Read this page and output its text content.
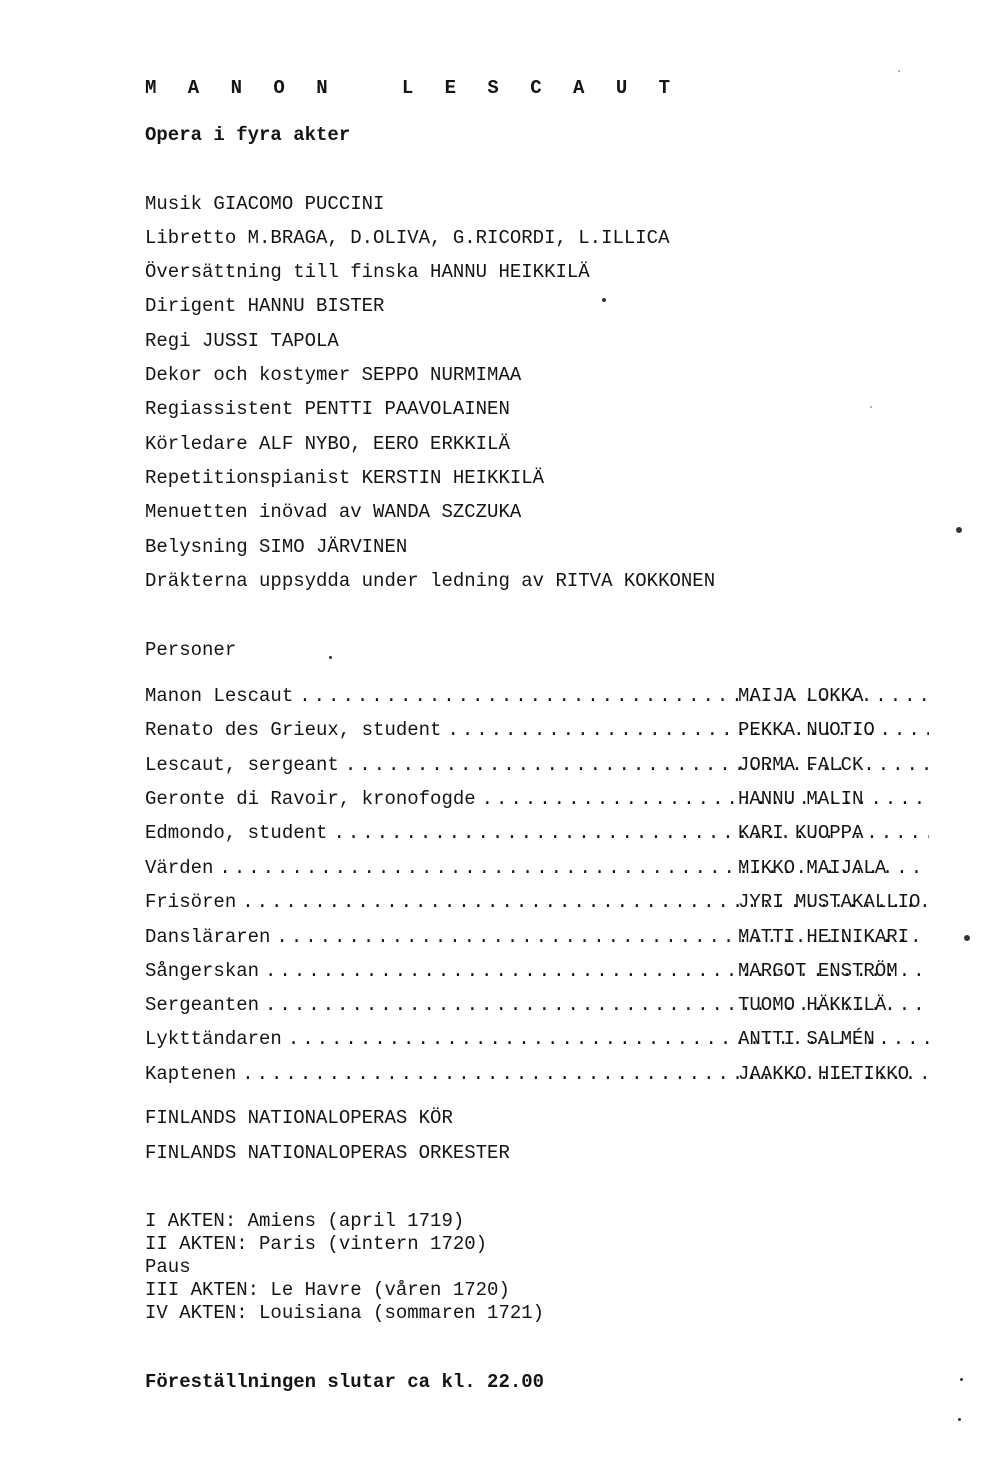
M A N O N   L E S C A U T
Opera i fyra akter
Musik GIACOMO PUCCINI
Libretto M.BRAGA, D.OLIVA, G.RICORDI, L.ILLICA
Översättning till finska HANNU HEIKKILÄ
Dirigent HANNU BISTER
Regi JUSSI TAPOLA
Dekor och kostymer SEPPO NURMIMAA
Regiassistent PENTTI PAAVOLAINEN
Körledare ALF NYBO, EERO ERKKILÄ
Repetitionspianist KERSTIN HEIKKILÄ
Menuetten inövad av WANDA SZCZUKA
Belysning SIMO JÄRVINEN
Dräkterna uppsydda under ledning av RITVA KOKKONEN
Personer
Manon Lescaut .....	MAIJA LOKKA
Renato des Grieux, student .....	PEKKA NUOTIO
Lescaut, sergeant .....	JORMA FALCK
Geronte di Ravoir, kronofogde .....	HANNU MALIN
Edmondo, student .....	KARI KUOPPA
Värden .....	MIKKO MAIJALA
Frisören .....	JYRI MUSTAKALLIO
Dansläraren .....	MATTI HEINIKARI
Sångerskan .....	MARGOT ENSTRÖM
Sergeanten .....	TUOMO HÄKKILÄ
Lykttändaren .....	ANTTI SALMÉN
Kaptenen .....	JAAKKO HIETIKKO
FINLANDS NATIONALOPERAS KÖR
FINLANDS NATIONALOPERAS ORKESTER
I AKTEN: Amiens (april 1719)
II AKTEN: Paris (vintern 1720)
Paus
III AKTEN: Le Havre (våren 1720)
IV AKTEN: Louisiana (sommaren 1721)
Föreställningen slutar ca kl. 22.00
